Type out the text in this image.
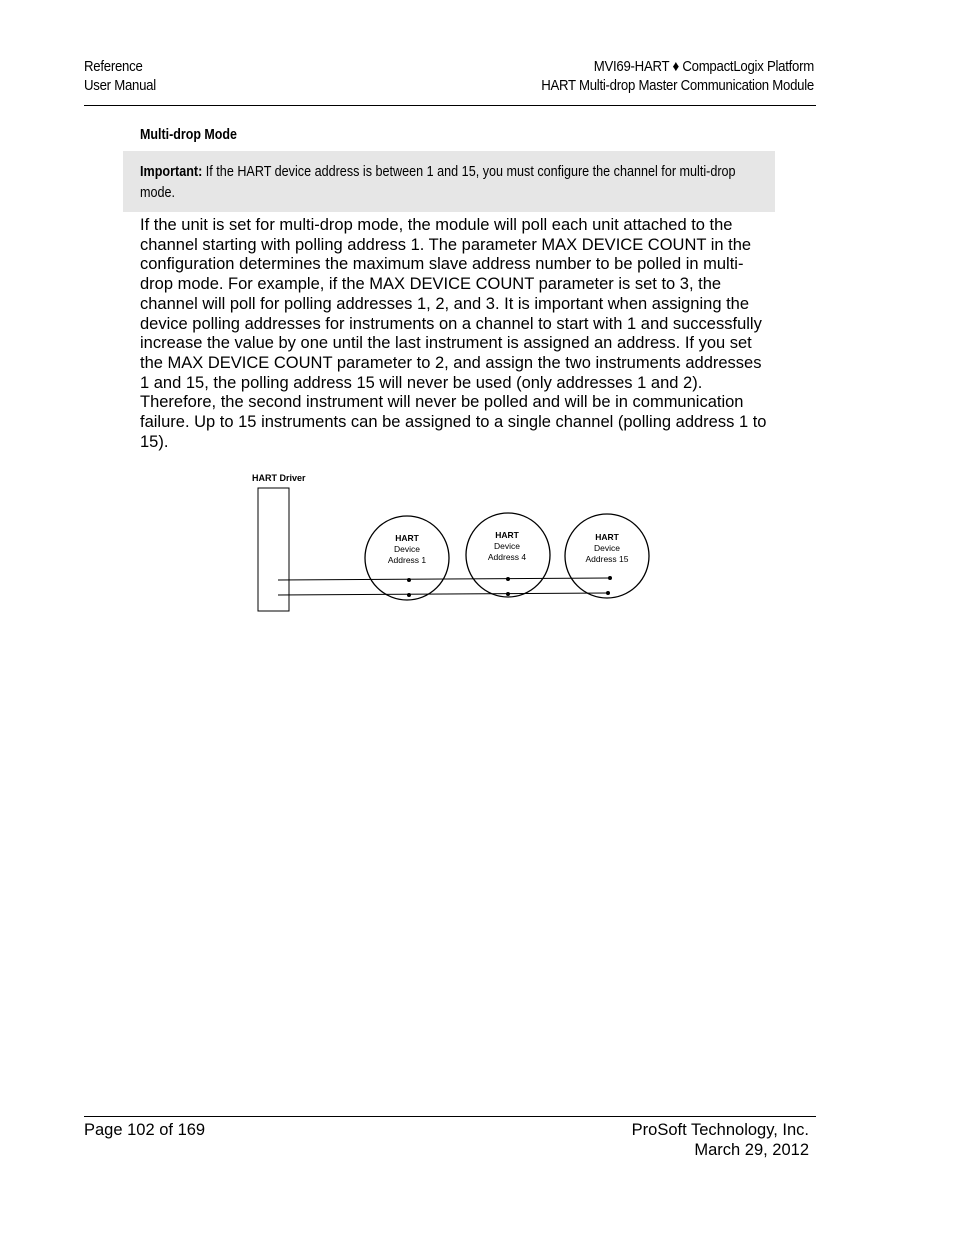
Reference
User Manual
MVI69-HART ♦ CompactLogix Platform
HART Multi-drop Master Communication Module
Multi-drop Mode
Important: If the HART device address is between 1 and 15, you must configure the channel for multi-drop mode.
If the unit is set for multi-drop mode, the module will poll each unit attached to the channel starting with polling address 1. The parameter MAX DEVICE COUNT in the configuration determines the maximum slave address number to be polled in multi-drop mode. For example, if the MAX DEVICE COUNT parameter is set to 3, the channel will poll for polling addresses 1, 2, and 3. It is important when assigning the device polling addresses for instruments on a channel to start with 1 and successfully increase the value by one until the last instrument is assigned an address. If you set the MAX DEVICE COUNT parameter to 2, and assign the two instruments addresses 1 and 15, the polling address 15 will never be used (only addresses 1 and 2). Therefore, the second instrument will never be polled and will be in communication failure. Up to 15 instruments can be assigned to a single channel (polling address 1 to 15).
HART Driver
HART
Device
Address 1
HART
Device
Address 4
HART
Device
Address 15
Page 102 of 169	ProSoft Technology, Inc.
March 29, 2012
